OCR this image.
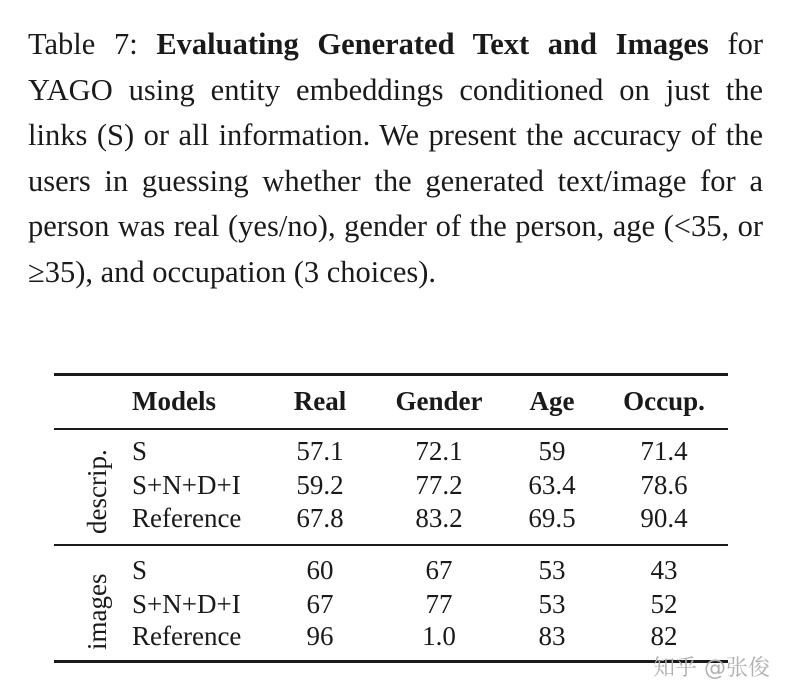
Table 7: Evaluating Generated Text and Images for YAGO using entity embeddings conditioned on just the links (S) or all information. We present the accuracy of the users in guessing whether the generated text/image for a person was real (yes/no), gender of the person, age (<35, or ≥35), and occupation (3 choices).
Models	Real	Gender	Age	Occup.
descrip. S	57.1	72.1	59	71.4
S+N+D+I	59.2	77.2	63.4	78.6
Reference	67.8	83.2	69.5	90.4
images
S	60	67	53	43
S+N+D+I	67	77	53	52
Reference	96	1.0	83	82
知乎 @张俊
